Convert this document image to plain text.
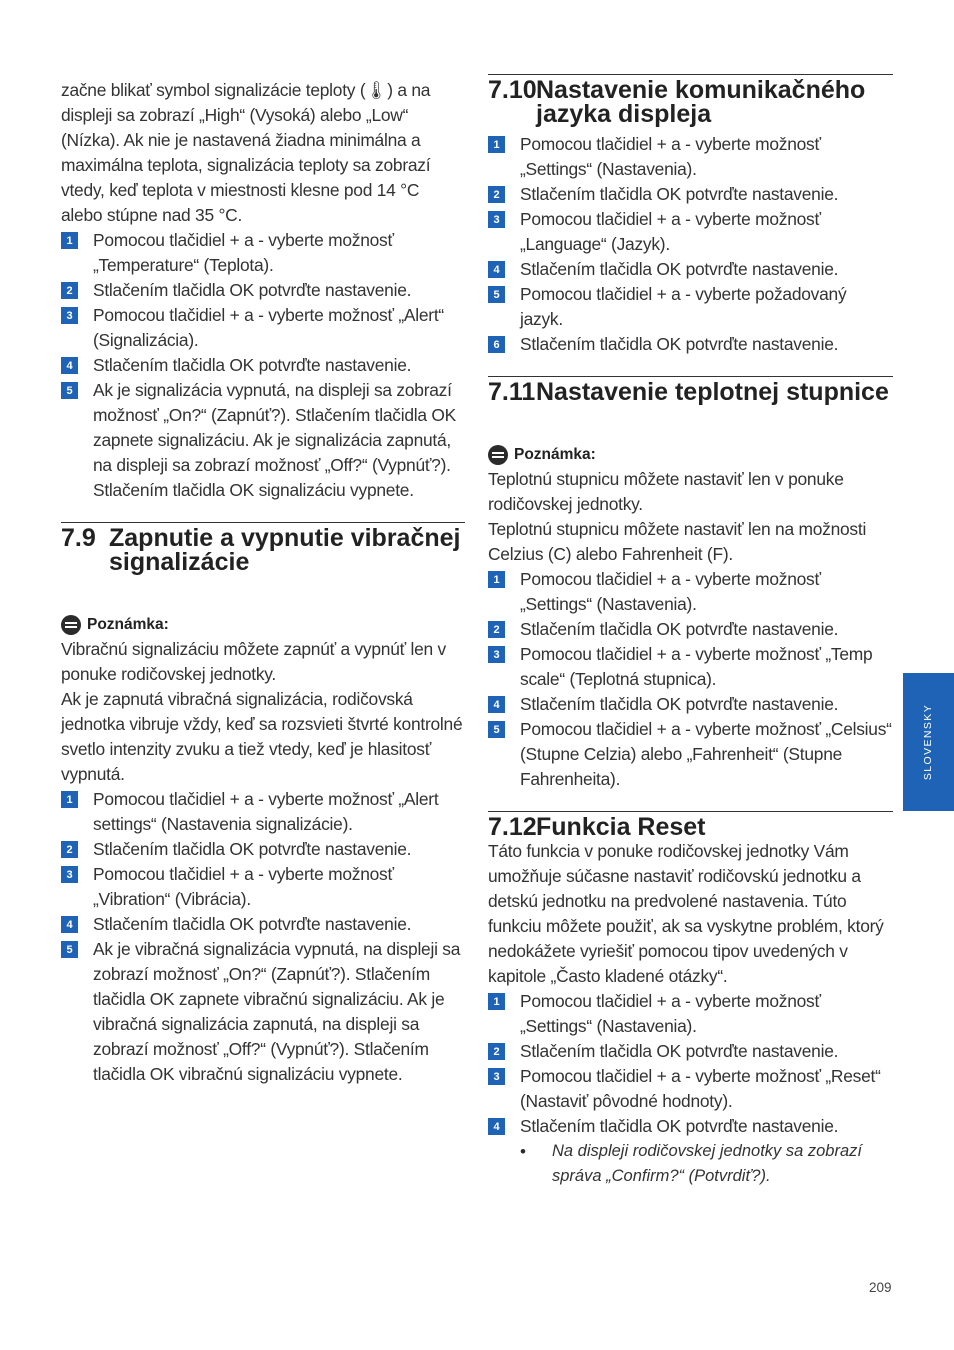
začne blikať symbol signalizácie teploty (🌡) a na displeji sa zobrazí „High“ (Vysoká) alebo „Low“ (Nízka). Ak nie je nastavená žiadna minimálna a maximálna teplota, signalizácia teploty sa zobrazí vtedy, keď teplota v miestnosti klesne pod 14 °C alebo stúpne nad 35 °C.

1	Pomocou tlačidiel + a - vyberte možnosť „Temperature“ (Teplota).
2	Stlačením tlačidla OK potvrďte nastavenie.
3	Pomocou tlačidiel + a - vyberte možnosť „Alert“ (Signalizácia).
4	Stlačením tlačidla OK potvrďte nastavenie.
5	Ak je signalizácia vypnutá, na displeji sa zobrazí možnosť „On?“ (Zapnúť?). Stlačením tlačidla OK zapnete signalizáciu. Ak je signalizácia zapnutá, na displeji sa zobrazí možnosť „Off?“ (Vypnúť?). Stlačením tlačidla OK signalizáciu vypnete.
7.9 Zapnutie a vypnutie vibračnej signalizácie
Poznámka:

Vibračnú signalizáciu môžete zapnúť a vypnúť len v ponuke rodičovskej jednotky.

Ak je zapnutá vibračná signalizácia, rodičovská jednotka vibruje vždy, keď sa rozsvieti štvrté kontrolné svetlo intenzity zvuku a tiež vtedy, keď je hlasitosť vypnutá.

1	Pomocou tlačidiel + a - vyberte možnosť „Alert settings“ (Nastavenia signalizácie).
2	Stlačením tlačidla OK potvrďte nastavenie.
3	Pomocou tlačidiel + a - vyberte možnosť „Vibration“ (Vibrácia).
4	Stlačením tlačidla OK potvrďte nastavenie.
5	Ak je vibračná signalizácia vypnutá, na displeji sa zobrazí možnosť „On?“ (Zapnúť?). Stlačením tlačidla OK zapnete vibračnú signalizáciu. Ak je vibračná signalizácia zapnutá, na displeji sa zobrazí možnosť „Off?“ (Vypnúť?). Stlačením tlačidla OK vibračnú signalizáciu vypnete.
7.10 Nastavenie komunikačného jazyka displeja
1	Pomocou tlačidiel + a - vyberte možnosť „Settings“ (Nastavenia).
2	Stlačením tlačidla OK potvrďte nastavenie.
3	Pomocou tlačidiel + a - vyberte možnosť „Language“ (Jazyk).
4	Stlačením tlačidla OK potvrďte nastavenie.
5	Pomocou tlačidiel + a - vyberte požadovaný jazyk.
6	Stlačením tlačidla OK potvrďte nastavenie.
7.11 Nastavenie teplotnej stupnice
Poznámka:

Teplotnú stupnicu môžete nastaviť len v ponuke rodičovskej jednotky.

Teplotnú stupnicu môžete nastaviť len na možnosti Celzius (C) alebo Fahrenheit (F).

1	Pomocou tlačidiel + a - vyberte možnosť „Settings“ (Nastavenia).
2	Stlačením tlačidla OK potvrďte nastavenie.
3	Pomocou tlačidiel + a - vyberte možnosť „Temp scale“ (Teplotná stupnica).
4	Stlačením tlačidla OK potvrďte nastavenie.
5	Pomocou tlačidiel + a - vyberte možnosť „Celsius“ (Stupne Celzia) alebo „Fahrenheit“ (Stupne Fahrenheita).
7.12 Funkcia Reset

Táto funkcia v ponuke rodičovskej jednotky Vám umožňuje súčasne nastaviť rodičovskú jednotku a detskú jednotku na predvolené nastavenia. Túto funkciu môžete použiť, ak sa vyskytne problém, ktorý nedokážete vyriešiť pomocou tipov uvedených v kapitole „Často kladené otázky“.

1	Pomocou tlačidiel + a - vyberte možnosť „Settings“ (Nastavenia).
2	Stlačením tlačidla OK potvrďte nastavenie.
3	Pomocou tlačidiel + a - vyberte možnosť „Reset“ (Nastaviť pôvodné hodnoty).
4	Stlačením tlačidla OK potvrďte nastavenie.
•	Na displeji rodičovskej jednotky sa zobrazí správa „Confirm?“ (Potvrdiť?).
SLOVENSKY
209
